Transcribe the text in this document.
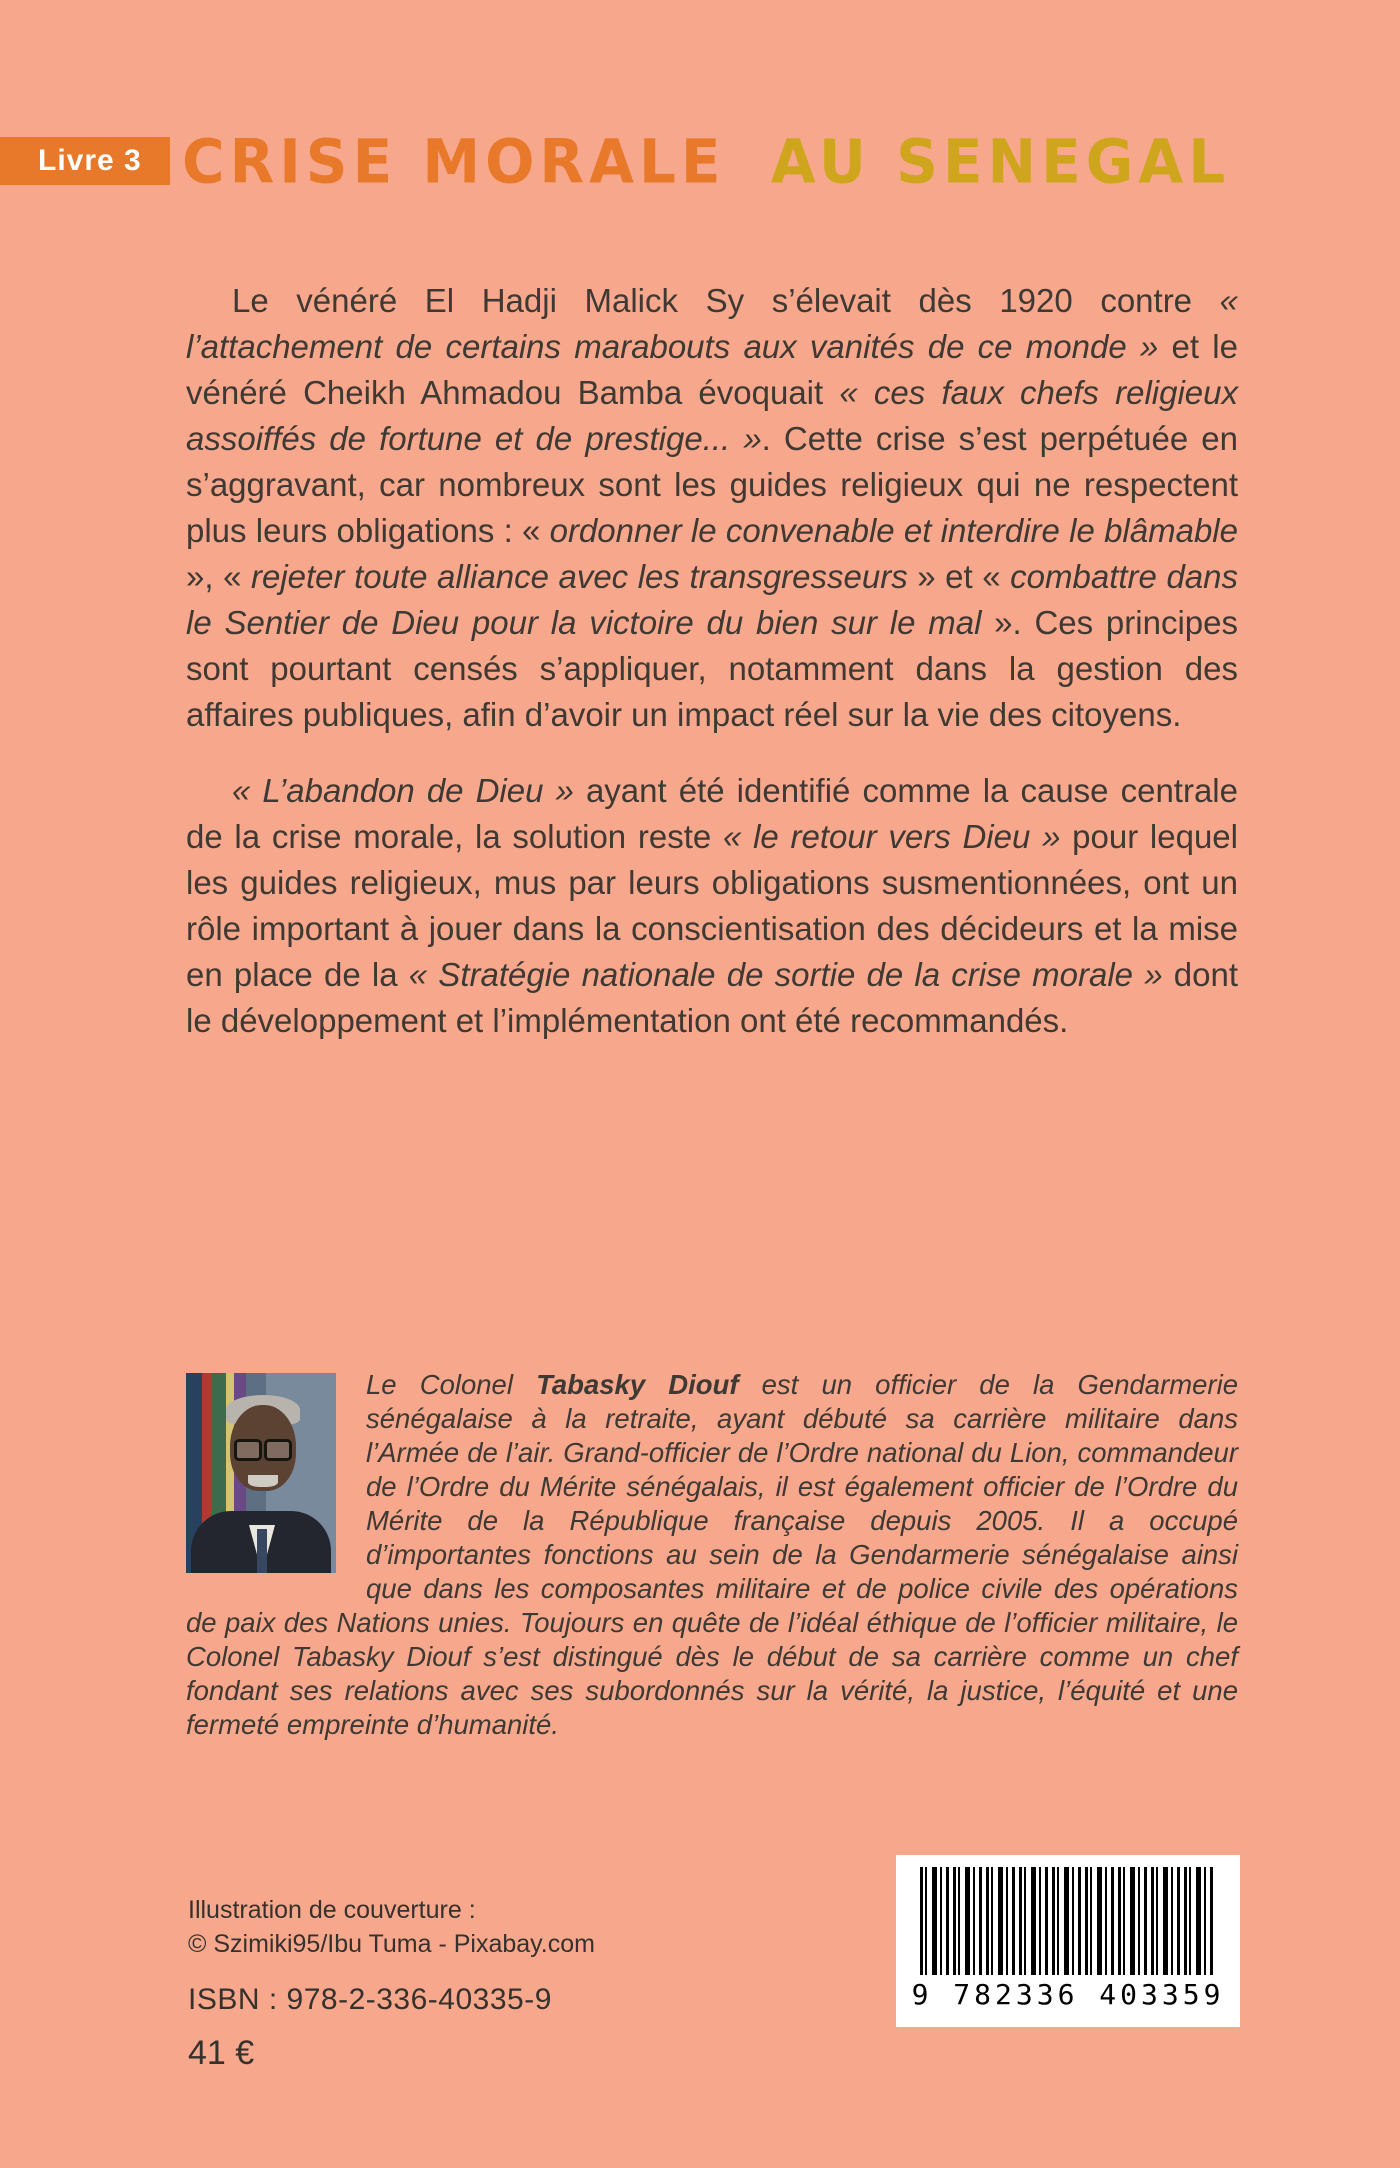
Livre 3 CRISE MORALE AU SENEGAL

Le vénéré El Hadji Malick Sy s’élevait dès 1920 contre « l’attachement de certains marabouts aux vanités de ce monde » et le vénéré Cheikh Ahmadou Bamba évoquait « ces faux chefs religieux assoiffés de fortune et de prestige... ». Cette crise s’est perpétuée en s’aggravant, car nombreux sont les guides religieux qui ne respectent plus leurs obligations : « ordonner le convenable et interdire le blâmable », « rejeter toute alliance avec les transgresseurs » et « combattre dans le Sentier de Dieu pour la victoire du bien sur le mal ». Ces principes sont pourtant censés s’appliquer, notamment dans la gestion des affaires publiques, afin d’avoir un impact réel sur la vie des citoyens.

« L’abandon de Dieu » ayant été identifié comme la cause centrale de la crise morale, la solution reste « le retour vers Dieu » pour lequel les guides religieux, mus par leurs obligations susmentionnées, ont un rôle important à jouer dans la conscientisation des décideurs et la mise en place de la « Stratégie nationale de sortie de la crise morale » dont le développement et l’implémentation ont été recommandés.

Le Colonel Tabasky Diouf est un officier de la Gendarmerie sénégalaise à la retraite, ayant débuté sa carrière militaire dans l’Armée de l’air. Grand-officier de l’Ordre national du Lion, commandeur de l’Ordre du Mérite sénégalais, il est également officier de l’Ordre du Mérite de la République française depuis 2005. Il a occupé d’importantes fonctions au sein de la Gendarmerie sénégalaise ainsi que dans les composantes militaire et de police civile des opérations de paix des Nations unies. Toujours en quête de l’idéal éthique de l’officier militaire, le Colonel Tabasky Diouf s’est distingué dès le début de sa carrière comme un chef fondant ses relations avec ses subordonnés sur la vérité, la justice, l’équité et une fermeté empreinte d’humanité.

Illustration de couverture :
© Szimiki95/Ibu Tuma - Pixabay.com
ISBN : 978-2-336-40335-9
41 €
9 782336 403359
